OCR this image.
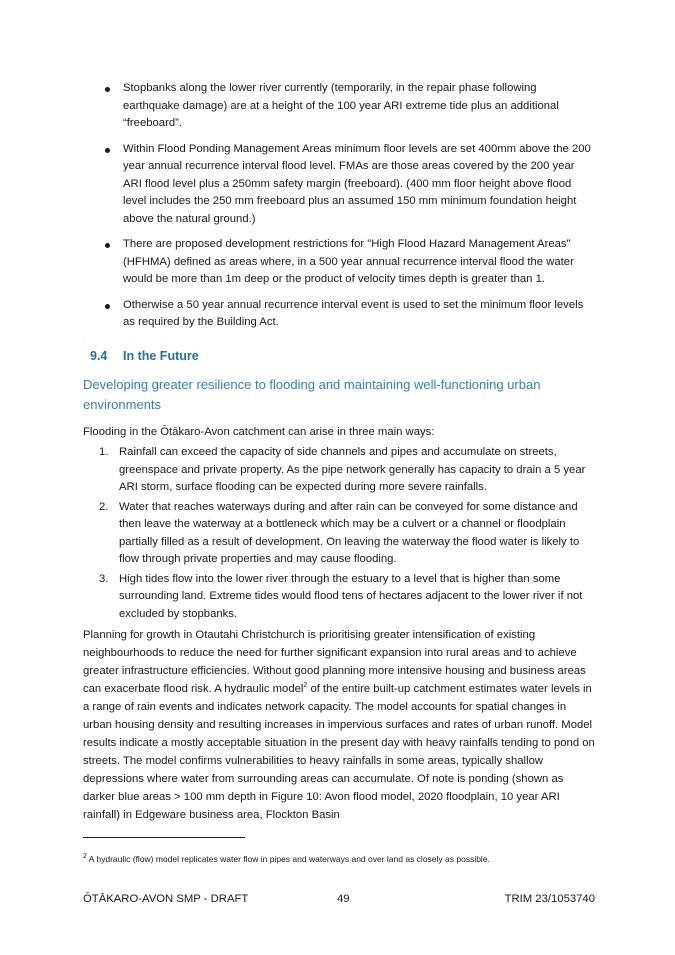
Stopbanks along the lower river currently (temporarily, in the repair phase following earthquake damage) are at a height of the 100 year ARI extreme tide plus an additional “freeboard”.
Within Flood Ponding Management Areas minimum floor levels are set 400mm above the 200 year annual recurrence interval flood level. FMAs are those areas covered by the 200 year ARI flood level plus a 250mm safety margin (freeboard). (400 mm floor height above flood level includes the 250 mm freeboard plus an assumed 150 mm minimum foundation height above the natural ground.)
There are proposed development restrictions for "High Flood Hazard Management Areas" (HFHMA) defined as areas where, in a 500 year annual recurrence interval flood the water would be more than 1m deep or the product of velocity times depth is greater than 1.
Otherwise a 50 year annual recurrence interval event is used to set the minimum floor levels as required by the Building Act.
9.4 In the Future
Developing greater resilience to flooding and maintaining well-functioning urban environments
Flooding in the Ōtākaro-Avon catchment can arise in three main ways:
1. Rainfall can exceed the capacity of side channels and pipes and accumulate on streets, greenspace and private property. As the pipe network generally has capacity to drain a 5 year ARI storm, surface flooding can be expected during more severe rainfalls.
2. Water that reaches waterways during and after rain can be conveyed for some distance and then leave the waterway at a bottleneck which may be a culvert or a channel or floodplain partially filled as a result of development. On leaving the waterway the flood water is likely to flow through private properties and may cause flooding.
3. High tides flow into the lower river through the estuary to a level that is higher than some surrounding land. Extreme tides would flood tens of hectares adjacent to the lower river if not excluded by stopbanks.
Planning for growth in Otautahi Christchurch is prioritising greater intensification of existing neighbourhoods to reduce the need for further significant expansion into rural areas and to achieve greater infrastructure efficiencies. Without good planning more intensive housing and business areas can exacerbate flood risk. A hydraulic model$^2$ of the entire built-up catchment estimates water levels in a range of rain events and indicates network capacity. The model accounts for spatial changes in urban housing density and resulting increases in impervious surfaces and rates of urban runoff. Model results indicate a mostly acceptable situation in the present day with heavy rainfalls tending to pond on streets. The model confirms vulnerabilities to heavy rainfalls in some areas, typically shallow depressions where water from surrounding areas can accumulate. Of note is ponding (shown as darker blue areas > 100 mm depth in Figure 10: Avon flood model, 2020 floodplain, 10 year ARI rainfall) in Edgeware business area, Flockton Basin
$^2$ A hydraulic (flow) model replicates water flow in pipes and waterways and over land as closely as possible.
ŌTĀKARO-AVON SMP - DRAFT	49	TRIM 23/1053740
